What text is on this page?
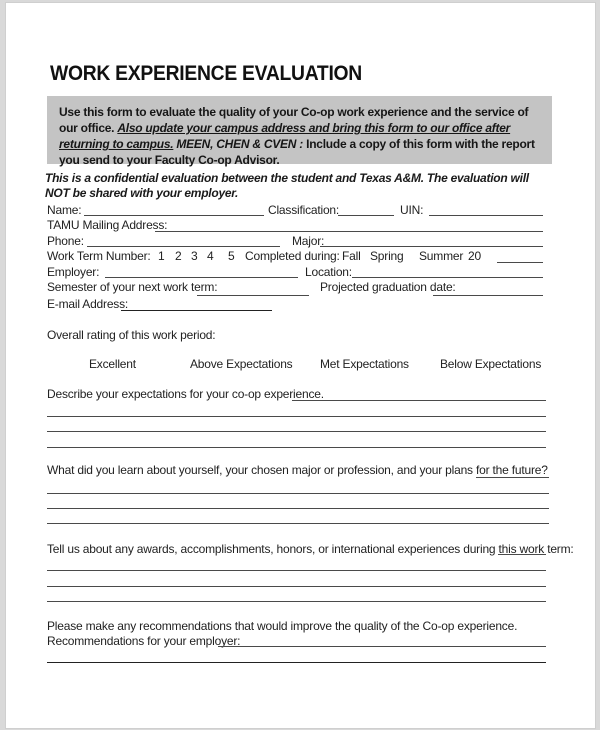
WORK EXPERIENCE EVALUATION
Use this form to evaluate the quality of your Co-op work experience and the service of our office. Also update your campus address and bring this form to our office after returning to campus. MEEN, CHEN & CVEN : Include a copy of this form with the report you send to your Faculty Co-op Advisor.
This is a confidential evaluation between the student and Texas A&M. The evaluation will NOT be shared with your employer.
Name:	Classification:	UIN:
TAMU Mailing Address:
Phone:	Major:
Work Term Number: 1 2 3 4 5 Completed during: Fall Spring Summer 20
Employer:	Location:
Semester of your next work term:	Projected graduation date:
E-mail Address:
Overall rating of this work period:
Excellent	Above Expectations Met Expectations	Below Expectations
Describe your expectations for your co-op experience.
What did you learn about yourself, your chosen major or profession, and your plans for the future?
Tell us about any awards, accomplishments, honors, or international experiences during this work term:
Please make any recommendations that would improve the quality of the Co-op experience.
Recommendations for your employer:
